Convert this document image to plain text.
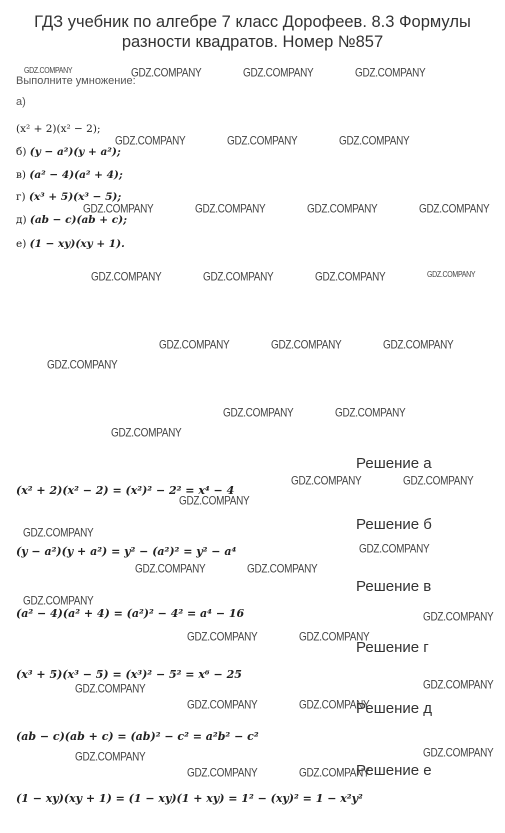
ГДЗ учебник по алгебре 7 класс Дорофеев. 8.3 Формулы разности квадратов. Номер №857
Выполните умножение:
а)
(x² + 2)(x² − 2);
б) (y − a²)(y + a²);
в) (a² − 4)(a² + 4);
г) (x³ + 5)(x³ − 5);
д) (ab − c)(ab + c);
е) (1 − xy)(xy + 1).
Решение а
(x² + 2)(x² − 2) = (x²)² − 2² = x⁴ − 4
Решение б
(y − a²)(y + a²) = y² − (a²)² = y² − a⁴
Решение в
(a² − 4)(a² + 4) = (a²)² − 4² = a⁴ − 16
Решение г
(x³ + 5)(x³ − 5) = (x³)² − 5² = x⁶ − 25
Решение д
(ab − c)(ab + c) = (ab)² − c² = a²b² − c²
Решение е
(1 − xy)(xy + 1) = (1 − xy)(1 + xy) = 1² − (xy)² = 1 − x²y²
GDZ.COMPANY	GDZ.COMPANY	GDZ.COMPANY	GDZ.COMPANY
GDZ.COMPANY	GDZ.COMPANY	GDZ.COMPANY
GDZ.COMPANY	GDZ.COMPANY	GDZ.COMPANY	GDZ.COMPANY
GDZ.COMPANY	GDZ.COMPANY	GDZ.COMPANY	GDZ.COMPANY
GDZ.COMPANY	GDZ.COMPANY	GDZ.COMPANY
GDZ.COMPANY
GDZ.COMPANY	GDZ.COMPANY
GDZ.COMPANY
GDZ.COMPANY	GDZ.COMPANY
GDZ.COMPANY
GDZ.COMPANY
GDZ.COMPANY
GDZ.COMPANY	GDZ.COMPANY
GDZ.COMPANY
GDZ.COMPANY
GDZ.COMPANY	GDZ.COMPANY
GDZ.COMPANY	GDZ.COMPANY
GDZ.COMPANY	GDZ.COMPANY
GDZ.COMPANY	GDZ.COMPANY
GDZ.COMPANY	GDZ.COMPANY
